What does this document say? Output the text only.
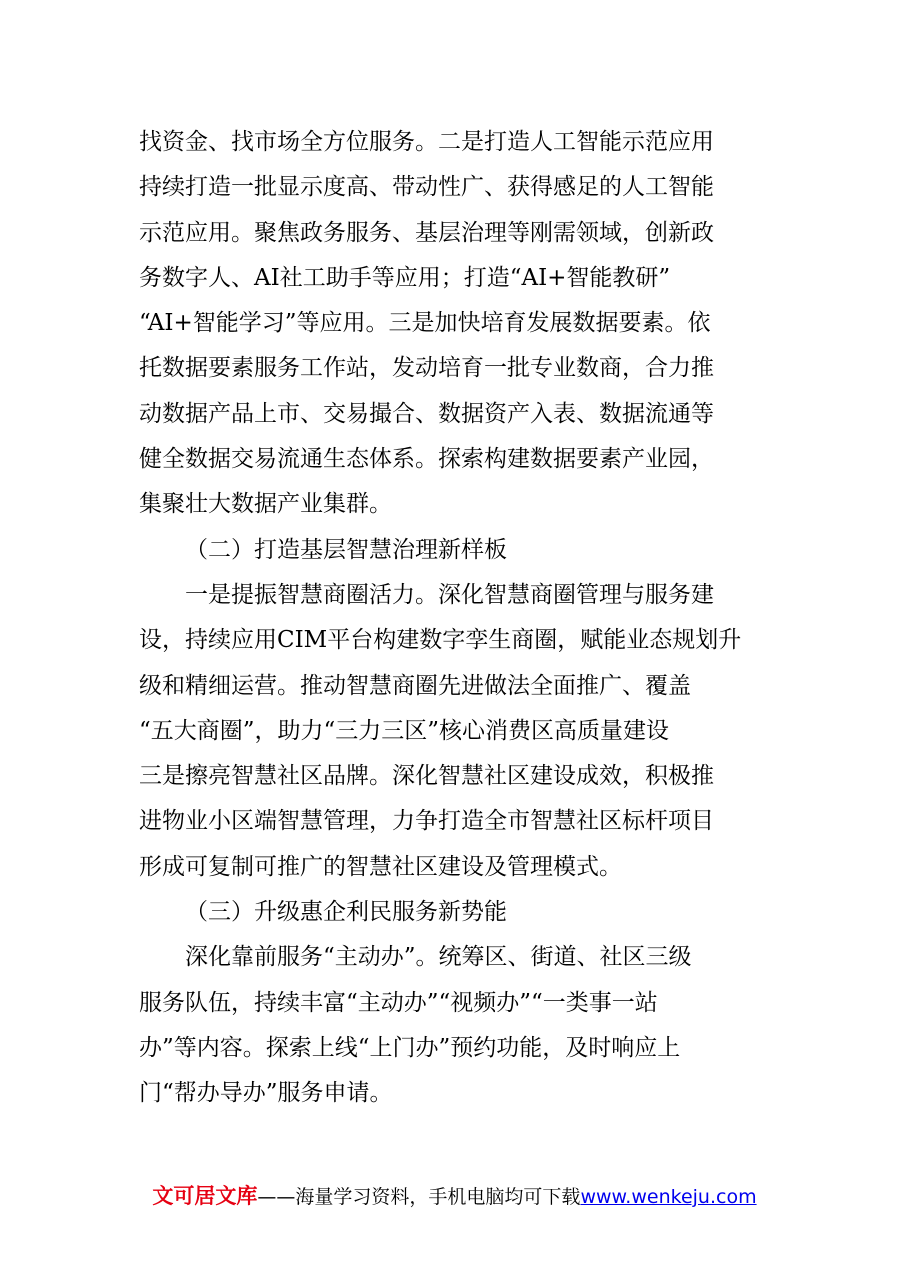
找资金、找市场全方位服务。二是打造人工智能示范应用
持续打造一批显示度高、带动性广、获得感足的人工智能
示范应用。聚焦政务服务、基层治理等刚需领域，创新政
务数字人、AI社工助手等应用；打造“AI+智能教研”
“AI+智能学习”等应用。三是加快培育发展数据要素。依
托数据要素服务工作站，发动培育一批专业数商，合力推
动数据产品上市、交易撮合、数据资产入表、数据流通等
健全数据交易流通生态体系。探索构建数据要素产业园，
集聚壮大数据产业集群。
（二）打造基层智慧治理新样板
一是提振智慧商圈活力。深化智慧商圈管理与服务建
设，持续应用CIM平台构建数字孪生商圈，赋能业态规划升
级和精细运营。推动智慧商圈先进做法全面推广、覆盖
“五大商圈”，助力“三力三区”核心消费区高质量建设
三是擦亮智慧社区品牌。深化智慧社区建设成效，积极推
进物业小区端智慧管理，力争打造全市智慧社区标杆项目
形成可复制可推广的智慧社区建设及管理模式。
（三）升级惠企利民服务新势能
深化靠前服务“主动办”。统筹区、街道、社区三级
服务队伍，持续丰富“主动办”“视频办”“一类事一站
办”等内容。探索上线“上门办”预约功能，及时响应上
门“帮办导办”服务申请。
文可居文库——海量学习资料，手机电脑均可下载www.wenkeju.com
